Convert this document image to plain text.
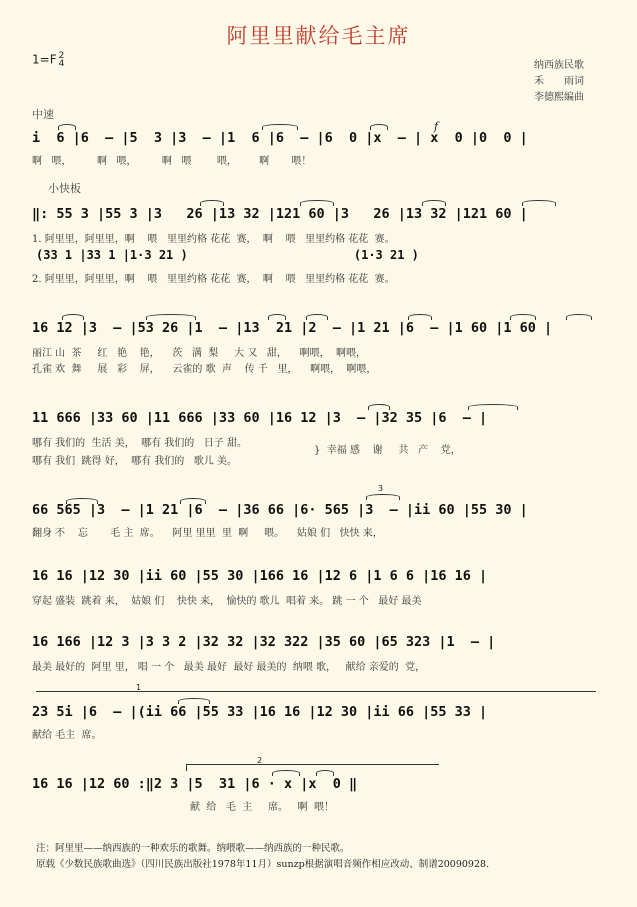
阿里里献给毛主席
1=F 2
4	纳西族民歌
禾　　雨词
李德熙编曲
中速
小快板
f
i  6 |6  – |5  3 |3  – |1  6 |6  – |6  0 |x  – | x  0 |0  0 |
啊   喂，        啊   喂，        啊   喂        喂，       啊       喂！
‖: 55 3 |55 3 |3   26 |13 32 |121 60 |3   26 |13 32 |121 60 |
1. 阿里里，阿里里，啊    喂   里里约格 花花  赛，  啊    喂   里里约格 花花  赛。
(33 1 |33 1 |1·3 21 )                       (1·3 21 )
2. 阿里里，阿里里，啊    喂   里里约格 花花  赛，  啊    喂   里里约格 花花  赛。
16 12 |3  – |53 26 |1  – |13  21 |2  – |1 21 |6  – |1 60 |1 60 |
丽江 山  茶     红   艳    艳，    茨   满  梨     大 又   甜，    啊喂，  啊喂，
孔雀 欢  舞     展   彩    屏，    云雀的 歌  声    传 千   里，    啊喂，  啊喂，
11 666 |33 60 |11 666 |33 60 |16 12 |3  – |32 35 |6  – |
哪有 我们的  生活 美，  哪有 我们的   日子 甜。
哪有 我们  跳得 好，  哪有 我们的   歌儿 美。
}  幸福 感    谢     共   产    党，
3
66 565 |3  – |1 21 |6  – |36 66 |6· 565 |3  – |ii 60 |55 30 |
翻身 不    忘       毛 主  席。    阿里 里里  里  啊     喂。    姑娘 们   快快 来，
16 16 |12 30 |ii 60 |55 30 |166 16 |12 6 |1 6 6 |16 16 |
穿起 盛装  跳着 来，  姑娘 们    快快 来，  愉快的 歌儿  唱着 来。 跳 一 个   最好 最美
16 166 |12 3 |3 3 2 |32 32 |32 322 |35 60 |65 323 |1  – |
最美 最好的  阿里 里， 唱 一 个   最美 最好  最好 最美的  纳喂 歌，   献给 亲爱的  党，
1
23 5i |6  – |(ii 66 |55 33 |16 16 |12 30 |ii 66 |55 33 |
献给 毛主  席。
2
16 16 |12 60 :‖2 3 |5  31 |6 · x |x  0 ‖
献  给   毛  主     席。   啊  喂！
注：阿里里——纳西族的一种欢乐的歌舞。纳喂歌——纳西族的一种民歌。
原载《少数民族歌曲选》（四川民族出版社1978年11月）sunzp根据演唱音频作相应改动、制谱20090928.
